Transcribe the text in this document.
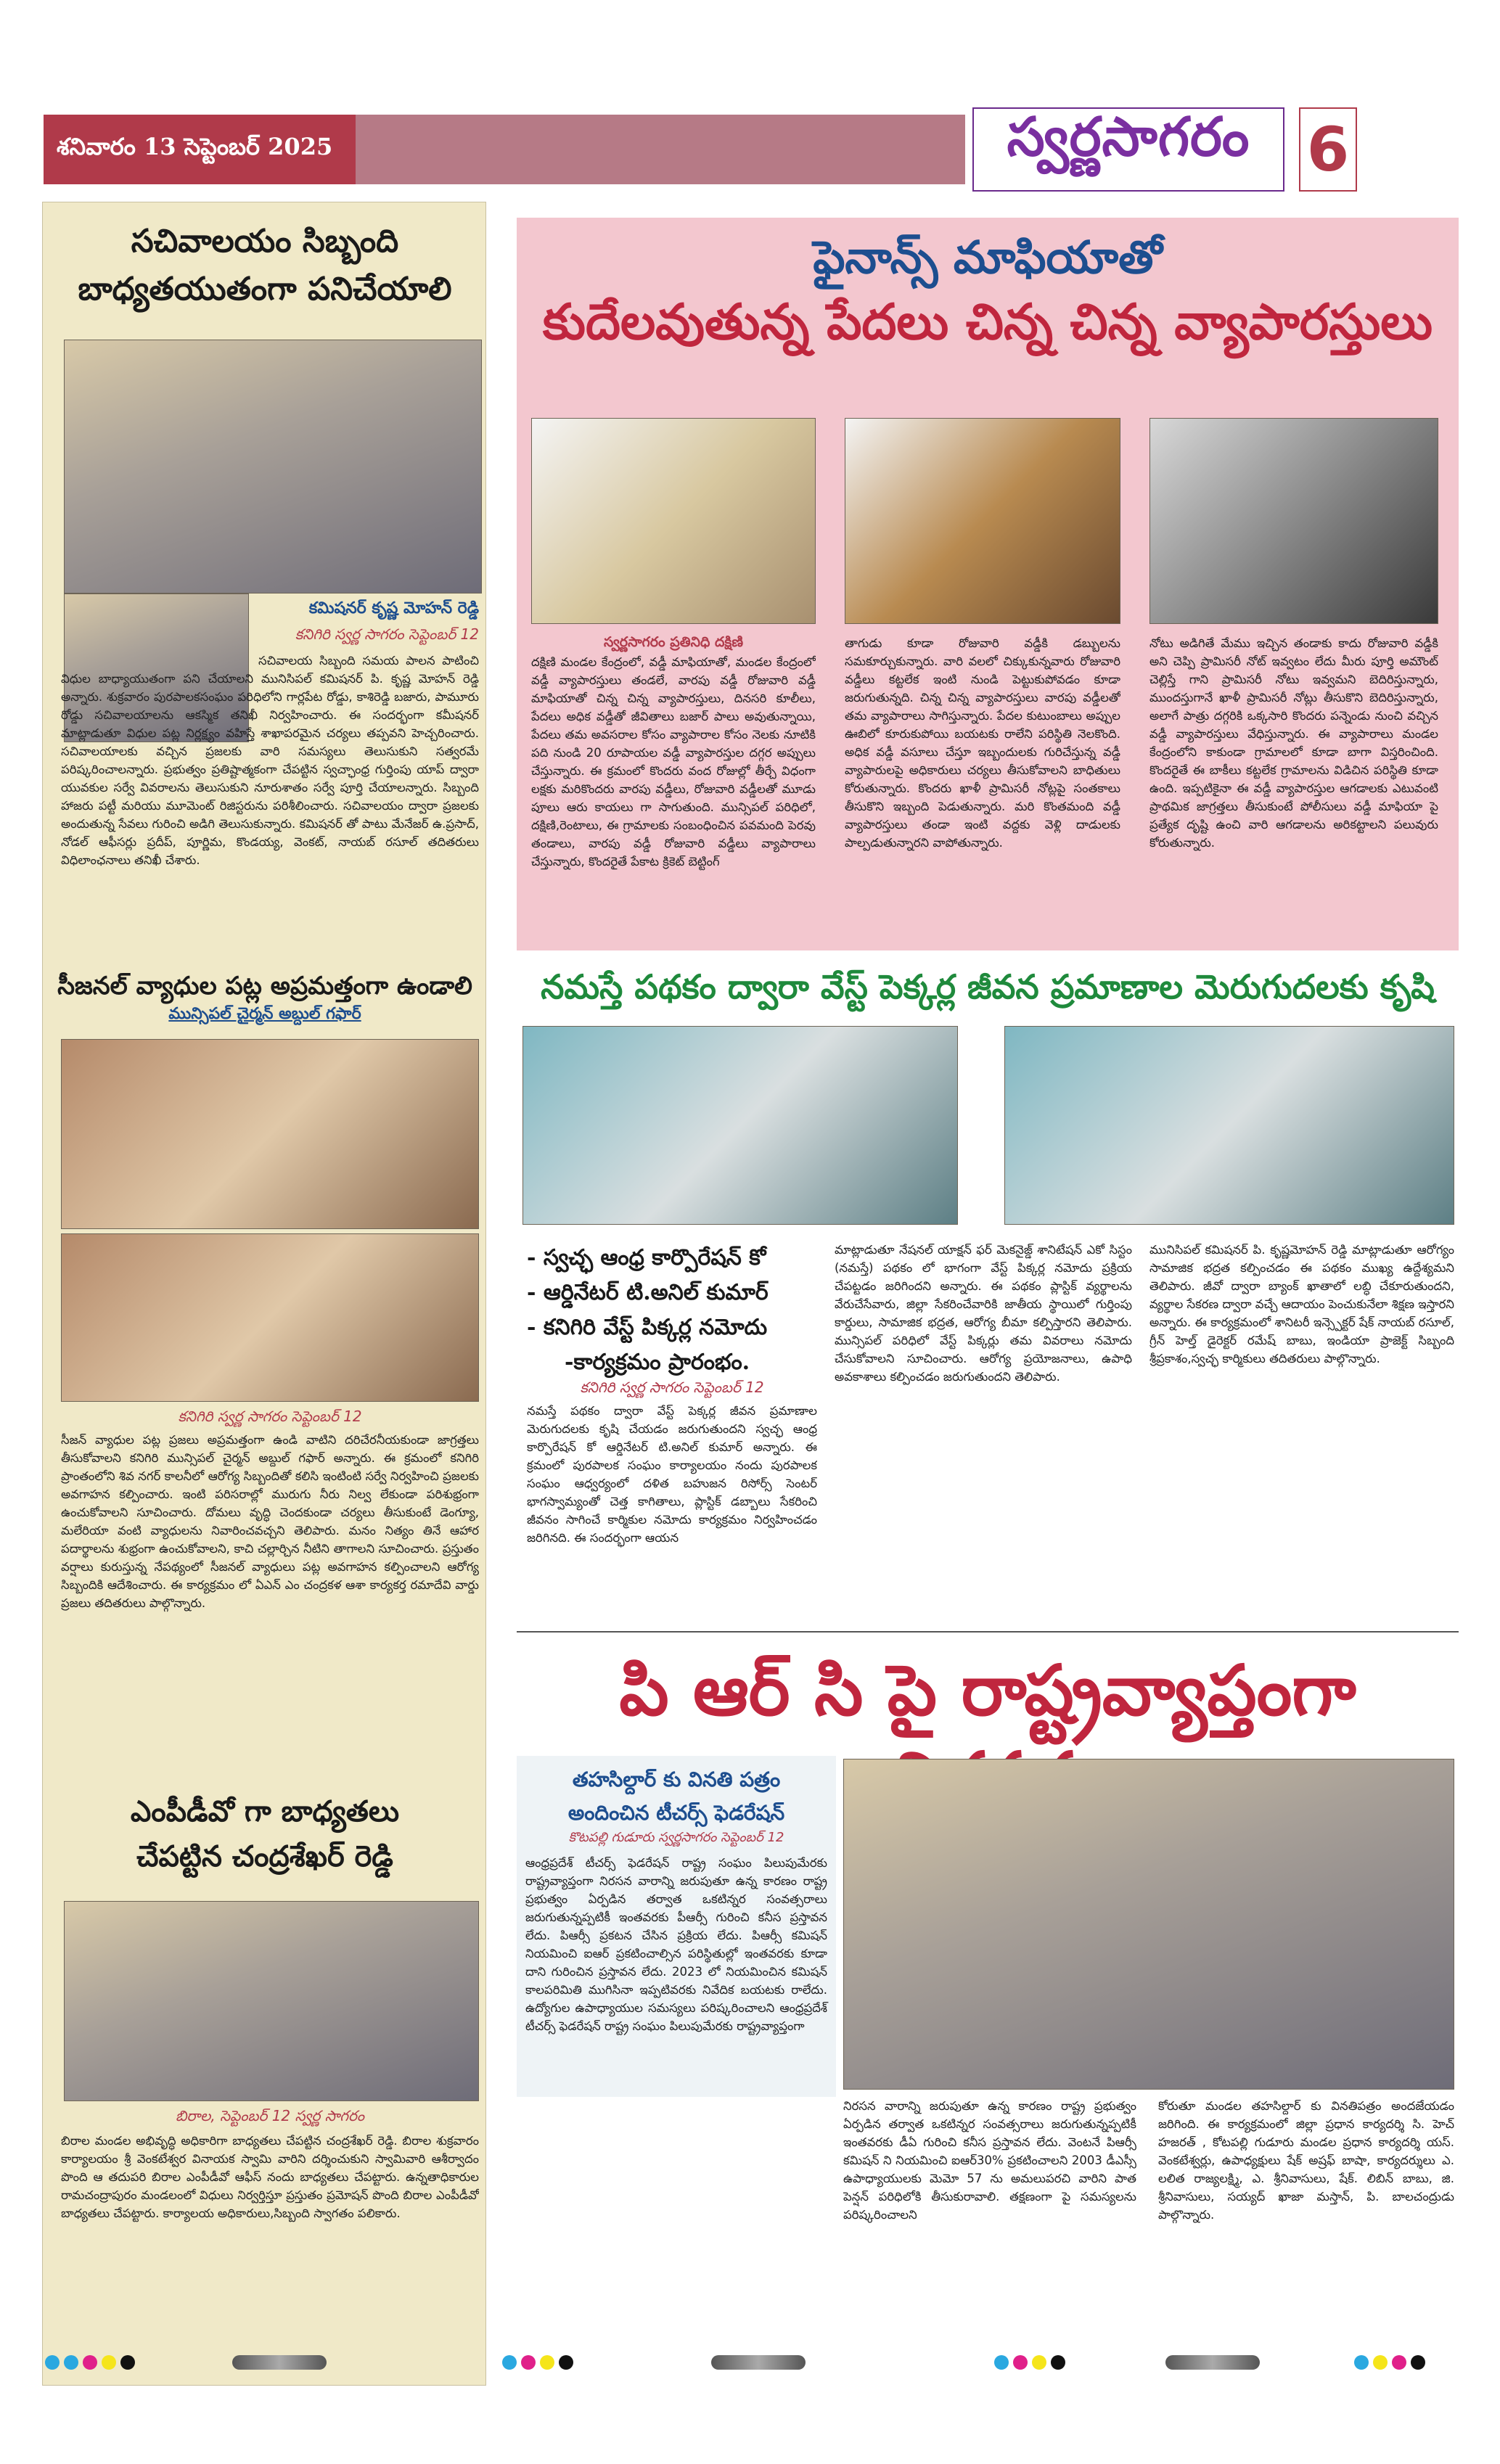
శనివారం 13 సెప్టెంబర్ 2025	స్వర్ణసాగరం 6
సచివాలయం సిబ్బంది
బాధ్యతయుతంగా పనిచేయాలి
కమిషనర్ కృష్ణ మోహన్ రెడ్డి
కనిగిరి స్వర్ణ సాగరం సెప్టెంబర్ 12
సచివాలయ సిబ్బంది సమయ పాలన పాటించి విధుల బాధ్యాయుతంగా పని చేయాలని మునిసిపల్ కమిషనర్ పి. కృష్ణ మోహన్ రెడ్డి అన్నారు. శుక్రవారం పురపాలకసంఘం పరిధిలోని గార్లపేట రోడ్డు, కాశిరెడ్డి బజారు, పామూరు రోడ్డు సచివాలయాలను ఆకస్మిక తనిఖీ నిర్వహించారు. ఈ సందర్భంగా కమీషనర్ మాట్లాడుతూ విధుల పట్ల నిర్లక్ష్యం వహిస్తే శాఖాపరమైన చర్యలు తప్పవని హెచ్చరించారు. సచివాలయాలకు వచ్చిన ప్రజలకు వారి సమస్యలు తెలుసుకుని సత్వరమే పరిష్కరించాలన్నారు. ప్రభుత్వం ప్రతిష్టాత్మకంగా చేపట్టిన స్వచ్ఛాంధ్ర గుర్తింపు యాప్ ద్వారా యువకుల సర్వే వివరాలను తెలుసుకుని నూరుశాతం సర్వే పూర్తి చేయాలన్నారు. సిబ్బంది హాజరు పట్టీ మరియు మూమెంట్ రిజిస్టరును పరిశీలించారు. సచివాలయం ద్వారా ప్రజలకు అందుతున్న సేవలు గురించి అడిగి తెలుసుకున్నారు. కమిషనర్ తో పాటు మేనేజర్ ఉ.ప్రసాద్, నోడల్ ఆఫీసర్లు ప్రదీప్, పూర్ణిమ, కొండయ్య, వెంకట్, నాయబ్ రసూల్ తదితరులు విధిలాంఛనాలు తనిఖీ చేశారు.
సీజనల్ వ్యాధుల పట్ల అప్రమత్తంగా ఉండాలి
మున్సిపల్ చైర్మన్ అబ్దుల్ గఫార్
కనిగిరి స్వర్ణ సాగరం సెప్టెంబర్ 12
సీజన్ వ్యాధుల పట్ల ప్రజలు అప్రమత్తంగా ఉండి వాటిని దరిచేరనీయకుండా జాగ్రత్తలు తీసుకోవాలని కనిగిరి మున్సిపల్ చైర్మన్ అబ్దుల్ గఫార్ అన్నారు. ఈ క్రమంలో కనిగిరి ప్రాంతంలోని శివ నగర్ కాలనీలో ఆరోగ్య సిబ్బందితో కలిసి ఇంటింటి సర్వే నిర్వహించి ప్రజలకు అవగాహన కల్పించారు. ఇంటి పరిసరాల్లో మురుగు నీరు నిల్వ లేకుండా పరిశుభ్రంగా ఉంచుకోవాలని సూచించారు. దోమలు వృద్ధి చెందకుండా చర్యలు తీసుకుంటే డెంగ్యూ, మలేరియా వంటి వ్యాధులను నివారించవచ్చని తెలిపారు. మనం నిత్యం తినే ఆహార పదార్థాలను శుభ్రంగా ఉంచుకోవాలని, కాచి చల్లార్చిన నీటిని తాగాలని సూచించారు. ప్రస్తుతం వర్షాలు కురుస్తున్న నేపథ్యంలో సీజనల్ వ్యాధులు పట్ల అవగాహన కల్పించాలని ఆరోగ్య సిబ్బందికి ఆదేశించారు. ఈ కార్యక్రమం లో ఏఎన్ ఎం చంద్రకళ ఆశా కార్యకర్త రమాదేవి వార్డు ప్రజలు తదితరులు పాల్గొన్నారు.
ఎంపీడీవో గా బాధ్యతలు
చేపట్టిన చంద్రశేఖర్ రెడ్డి
బిరాల, సెప్టెంబర్ 12 స్వర్ణ సాగరం
బిరాల మండల అభివృద్ధి అధికారిగా బాధ్యతలు చేపట్టిన చంద్రశేఖర్ రెడ్డి. బిరాల శుక్రవారం కార్యాలయం శ్రీ వెంకటేశ్వర వినాయక స్వామి వారిని దర్శించుకుని స్వామివారి ఆశీర్వాదం పొంది ఆ తదుపరి బిరాల ఎంపీడీవో ఆఫీస్ నందు బాధ్యతలు చేపట్టారు. ఉన్నతాధికారుల రామచంద్రాపురం మండలంలో విధులు నిర్వర్తిస్తూ ప్రస్తుతం ప్రమోషన్ పొంది బిరాల ఎంపీడీవో బాధ్యతలు చేపట్టారు. కార్యాలయ అధికారులు,సిబ్బంది స్వాగతం పలికారు.
ఫైనాన్స్ మాఫియాతో
కుదేలవుతున్న పేదలు చిన్న చిన్న వ్యాపారస్తులు
స్వర్ణసాగరం ప్రతినిధి దక్షిణి
దక్షిణి మండల కేంద్రంలో, వడ్డీ మాఫియాతో, మండల కేంద్రంలో వడ్డీ వ్యాపారస్తులు తండలే, వారపు వడ్డీ రోజువారి వడ్డీ మాఫియాతో చిన్న చిన్న వ్యాపారస్తులు, దినసరి కూలీలు, పేదలు అధిక వడ్డీతో జీవితాలు బజార్ పాలు అవుతున్నాయి, పేదలు తమ అవసరాల కోసం వ్యాపారాల కోసం నెలకు నూటికి పది నుండి 20 రూపాయల వడ్డీ వ్యాపారస్తుల దగ్గర అప్పులు చేస్తున్నారు. ఈ క్రమంలో కొందరు వంద రోజుల్లో తీర్చే విధంగా లక్షకు మరికొందరు వారపు వడ్డీలు, రోజువారి వడ్డీలతో మూడు పూలు ఆరు కాయలు గా సాగుతుంది. మున్సిపల్ పరిధిలో, దక్షిణి,రెంటాలు, ఈ గ్రామాలకు సంబంధించిన పవమంది పెరవు తండాలు, వారపు వడ్డీ రోజువారి వడ్డీలు వ్యాపారాలు చేస్తున్నారు, కొందరైతే పేకాట క్రికెట్ బెట్టింగ్
తాగుడు కూడా రోజువారి వడ్డీకి డబ్బులను సమకూర్చుకున్నారు. వారి వలలో చిక్కుకున్నవారు రోజువారి వడ్డీలు కట్టలేక ఇంటి నుండి పెట్టుకుపోవడం కూడా జరుగుతున్నది. చిన్న చిన్న వ్యాపారస్తులు వారపు వడ్డీలతో తమ వ్యాపారాలు సాగిస్తున్నారు. పేదల కుటుంబాలు అప్పుల ఊబిలో కూరుకుపోయి బయటకు రాలేని పరిస్థితి నెలకొంది. అధిక వడ్డీ వసూలు చేస్తూ ఇబ్బందులకు గురిచేస్తున్న వడ్డీ వ్యాపారులపై అధికారులు చర్యలు తీసుకోవాలని బాధితులు కోరుతున్నారు. కొందరు ఖాళీ ప్రామిసరీ నోట్లపై సంతకాలు తీసుకొని ఇబ్బంది పెడుతున్నారు. మరి కొంతమంది వడ్డీ వ్యాపారస్తులు తండా ఇంటి వద్దకు వెళ్లి దాడులకు పాల్పడుతున్నారని వాపోతున్నారు.
నోటు అడిగితే మేము ఇచ్చిన తండాకు కాదు రోజువారి వడ్డీకి అని చెప్పి ప్రామిసరీ నోట్ ఇవ్వటం లేదు మీరు పూర్తి అమౌంట్ చెల్లిస్తే గాని ప్రామిసరీ నోటు ఇవ్వమని బెదిరిస్తున్నారు, ముందస్తుగానే ఖాళీ ప్రామిసరీ నోట్లు తీసుకొని బెదిరిస్తున్నారు, అలాగే పాత్రు దగ్గరికి ఒక్కసారి కొందరు పన్నెండు నుంచి వచ్చిన వడ్డీ వ్యాపారస్తులు వేధిస్తున్నారు. ఈ వ్యాపారాలు మండల కేంద్రంలోని కాకుండా గ్రామాలలో కూడా బాగా విస్తరించింది. కొందరైతే ఈ బాకీలు కట్టలేక గ్రామాలను విడిచిన పరిస్థితి కూడా ఉంది. ఇప్పటికైనా ఈ వడ్డీ వ్యాపారస్తుల ఆగడాలకు ఎటువంటి ప్రాథమిక జాగ్రత్తలు తీసుకుంటే పోలీసులు వడ్డీ మాఫియా పై ప్రత్యేక దృష్టి ఉంచి వారి ఆగడాలను అరికట్టాలని పలువురు కోరుతున్నారు.
నమస్తే పథకం ద్వారా వేస్ట్ పెక్కర్ల జీవన ప్రమాణాల మెరుగుదలకు కృషి
- స్వచ్ఛ ఆంధ్ర కార్పొరేషన్ కో
- ఆర్డినేటర్ టి.అనిల్ కుమార్
- కనిగిరి వేస్ట్ పిక్కర్ల నమోదు
-కార్యక్రమం ప్రారంభం.
కనిగిరి స్వర్ణ సాగరం సెప్టెంబర్ 12
నమస్తే పథకం ద్వారా వేస్ట్ పెక్కర్ల జీవన ప్రమాణాల మెరుగుదలకు కృషి చేయడం జరుగుతుందని స్వచ్ఛ ఆంధ్ర కార్పొరేషన్ కో ఆర్డినేటర్ టి.అనిల్ కుమార్ అన్నారు. ఈ క్రమంలో పురపాలక సంఘం కార్యాలయం నందు పురపాలక సంఘం ఆధ్వర్యంలో దళిత బహుజన రిసోర్స్ సెంటర్ భాగస్వామ్యంతో చెత్త కాగితాలు, ప్లాస్టిక్ డబ్బాలు సేకరించి జీవనం సాగించే కార్మికుల నమోదు కార్యక్రమం నిర్వహించడం జరిగినది. ఈ సందర్భంగా ఆయన
మాట్లాడుతూ నేషనల్ యాక్షన్ ఫర్ మెకనైజ్డ్ శానిటేషన్ ఎకో సిస్టం (నమస్తే) పథకం లో భాగంగా వేస్ట్ పిక్కర్ల నమోదు ప్రక్రియ చేపట్టడం జరిగిందని అన్నారు. ఈ పథకం ప్లాస్టిక్ వ్యర్థాలను వేరుచేసేవారు, జిల్లా సేకరించేవారికి జాతీయ స్థాయిలో గుర్తింపు కార్డులు, సామాజిక భద్రత, ఆరోగ్య బీమా కల్పిస్తారని తెలిపారు. మున్సిపల్ పరిధిలో వేస్ట్ పిక్కర్లు తమ వివరాలు నమోదు చేసుకోవాలని సూచించారు. ఆరోగ్య ప్రయోజనాలు, ఉపాధి అవకాశాలు కల్పించడం జరుగుతుందని తెలిపారు.
మునిసిపల్ కమిషనర్ పి. కృష్ణమోహన్ రెడ్డి మాట్లాడుతూ ఆరోగ్యం సామాజిక భద్రత కల్పించడం ఈ పథకం ముఖ్య ఉద్దేశ్యమని తెలిపారు. జీవో ద్వారా బ్యాంక్ ఖాతాలో లబ్ధి చేకూరుతుందని, వ్యర్థాల సేకరణ ద్వారా వచ్చే ఆదాయం పెంచుకునేలా శిక్షణ ఇస్తారని అన్నారు. ఈ కార్యక్రమంలో శానిటరీ ఇన్స్పెక్టర్ షేక్ నాయబ్ రసూల్, గ్రీన్ హెల్త్ డైరెక్టర్ రమేష్ బాబు, ఇండియా ప్రాజెక్ట్ సిబ్బంది శ్రీప్రకాశం,స్వచ్ఛ కార్మికులు తదితరులు పాల్గొన్నారు.
పి ఆర్ సి పై రాష్ట్రవ్యాప్తంగా
తహసిల్దార్ కు వినతి పత్రం
అందించిన టీచర్స్ ఫెడరేషన్
కొటపల్లి గుడూరు స్వర్ణసాగరం సెప్టెంబర్ 12
ఆంధ్రప్రదేశ్ టీచర్స్ ఫెడరేషన్ రాష్ట్ర సంఘం పిలుపుమేరకు రాష్ట్రవ్యాప్తంగా నిరసన వారాన్ని జరుపుతూ ఉన్న కారణం రాష్ట్ర ప్రభుత్వం ఏర్పడిన తర్వాత ఒకటిన్నర సంవత్సరాలు జరుగుతున్నప్పటికీ ఇంతవరకు పీఆర్సీ గురించి కనీస ప్రస్తావన లేదు. పిఆర్సీ ప్రకటన చేసిన ప్రక్రియ లేదు. పిఆర్సీ కమిషన్ నియమించి ఐఆర్ ప్రకటించాల్సిన పరిస్థితుల్లో ఇంతవరకు కూడా దాని గురించిన ప్రస్తావన లేదు. 2023 లో నియమించిన కమిషన్ కాలపరిమితి ముగిసినా ఇప్పటివరకు నివేదిక బయటకు రాలేదు. ఉద్యోగుల ఉపాధ్యాయుల సమస్యలు పరిష్కరించాలని ఆంధ్రప్రదేశ్ టీచర్స్ ఫెడరేషన్ రాష్ట్ర సంఘం పిలుపుమేరకు రాష్ట్రవ్యాప్తంగా
నిరసన వారాన్ని జరుపుతూ ఉన్న కారణం రాష్ట్ర ప్రభుత్వం ఏర్పడిన తర్వాత ఒకటిన్నర సంవత్సరాలు జరుగుతున్నప్పటికీ ఇంతవరకు డీఏ గురించి కనీస ప్రస్తావన లేదు. వెంటనే పిఆర్సీ కమిషన్ ని నియమించి ఐఆర్30% ప్రకటించాలని 2003 డీఎస్సీ ఉపాధ్యాయులకు మెమో 57 ను అమలుపరచి వారిని పాత పెన్షన్ పరిధిలోకి తీసుకురావాలి. తక్షణంగా పై సమస్యలను పరిష్కరించాలని
కోరుతూ మండల తహసిల్దార్ కు వినతిపత్రం అందజేయడం జరిగింది. ఈ కార్యక్రమంలో జిల్లా ప్రధాన కార్యదర్శి సి. హెచ్ హజరత్ , కోటపల్లి గుడూరు మండల ప్రధాన కార్యదర్శి యస్. వెంకటేశ్వర్లు, ఉపాధ్యక్షులు షేక్ అష్రఫ్ బాషా, కార్యదర్శులు ఎ. లలిత రాజ్యలక్ష్మి, ఎ. శ్రీనివాసులు, షేక్. లిబిన్ బాబు, జి. శ్రీనివాసులు, సయ్యద్ ఖాజా మస్తాన్, పి. బాలచంద్రుడు పాల్గొన్నారు.
